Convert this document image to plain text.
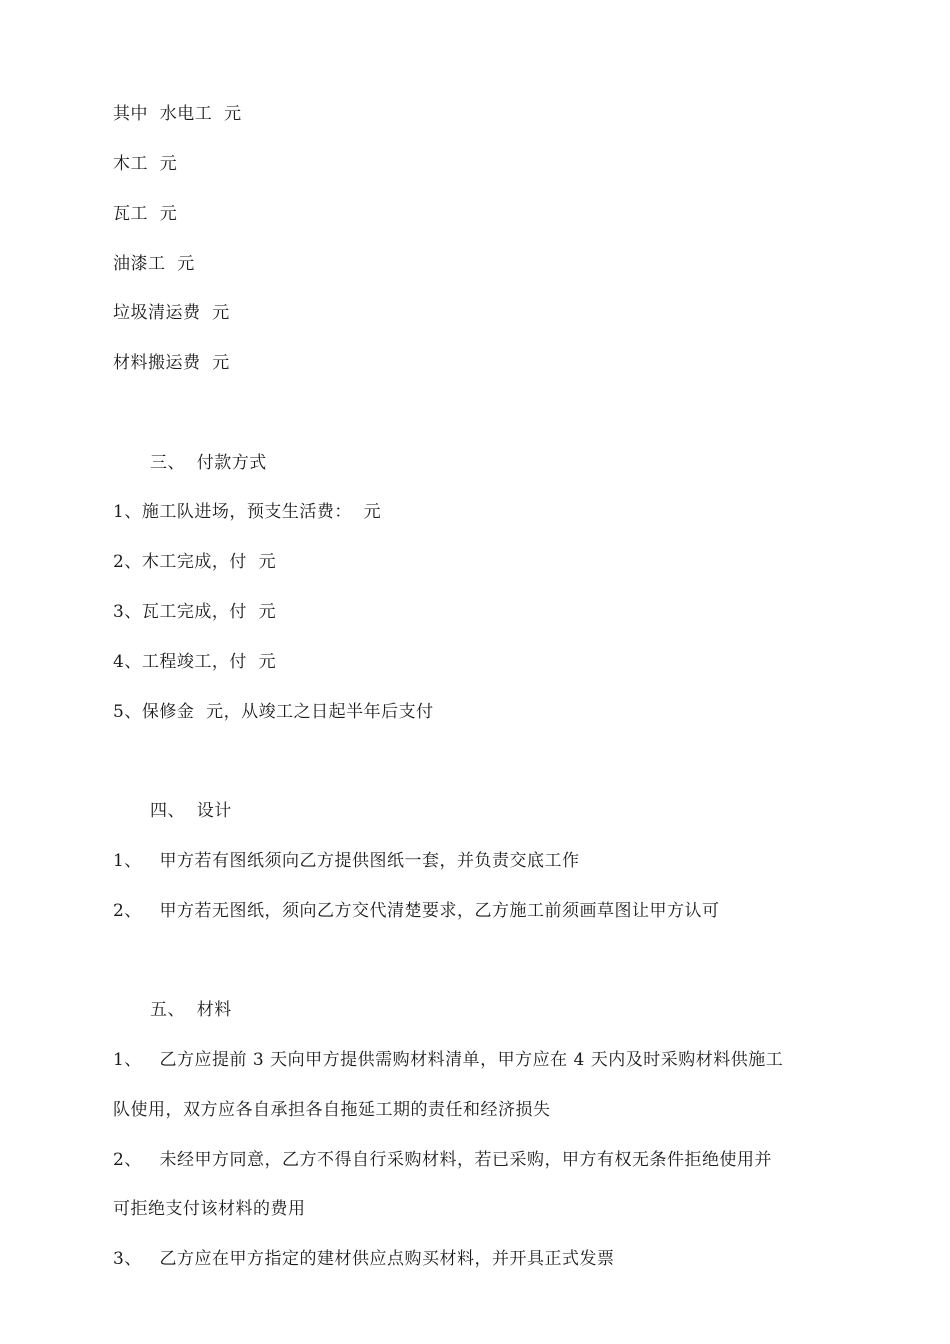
其中  水电工  元
木工  元
瓦工  元
油漆工  元
垃圾清运费  元
材料搬运费  元
三、  付款方式
1、施工队进场，预支生活费：  元
2、木工完成，付  元
3、瓦工完成，付  元
4、工程竣工，付  元
5、保修金  元，从竣工之日起半年后支付
四、  设计
1、   甲方若有图纸须向乙方提供图纸一套，并负责交底工作
2、   甲方若无图纸，须向乙方交代清楚要求，乙方施工前须画草图让甲方认可
五、  材料
1、   乙方应提前 3 天向甲方提供需购材料清单，甲方应在 4 天内及时采购材料供施工
队使用，双方应各自承担各自拖延工期的责任和经济损失
2、   未经甲方同意，乙方不得自行采购材料，若已采购，甲方有权无条件拒绝使用并
可拒绝支付该材料的费用
3、   乙方应在甲方指定的建材供应点购买材料，并开具正式发票
